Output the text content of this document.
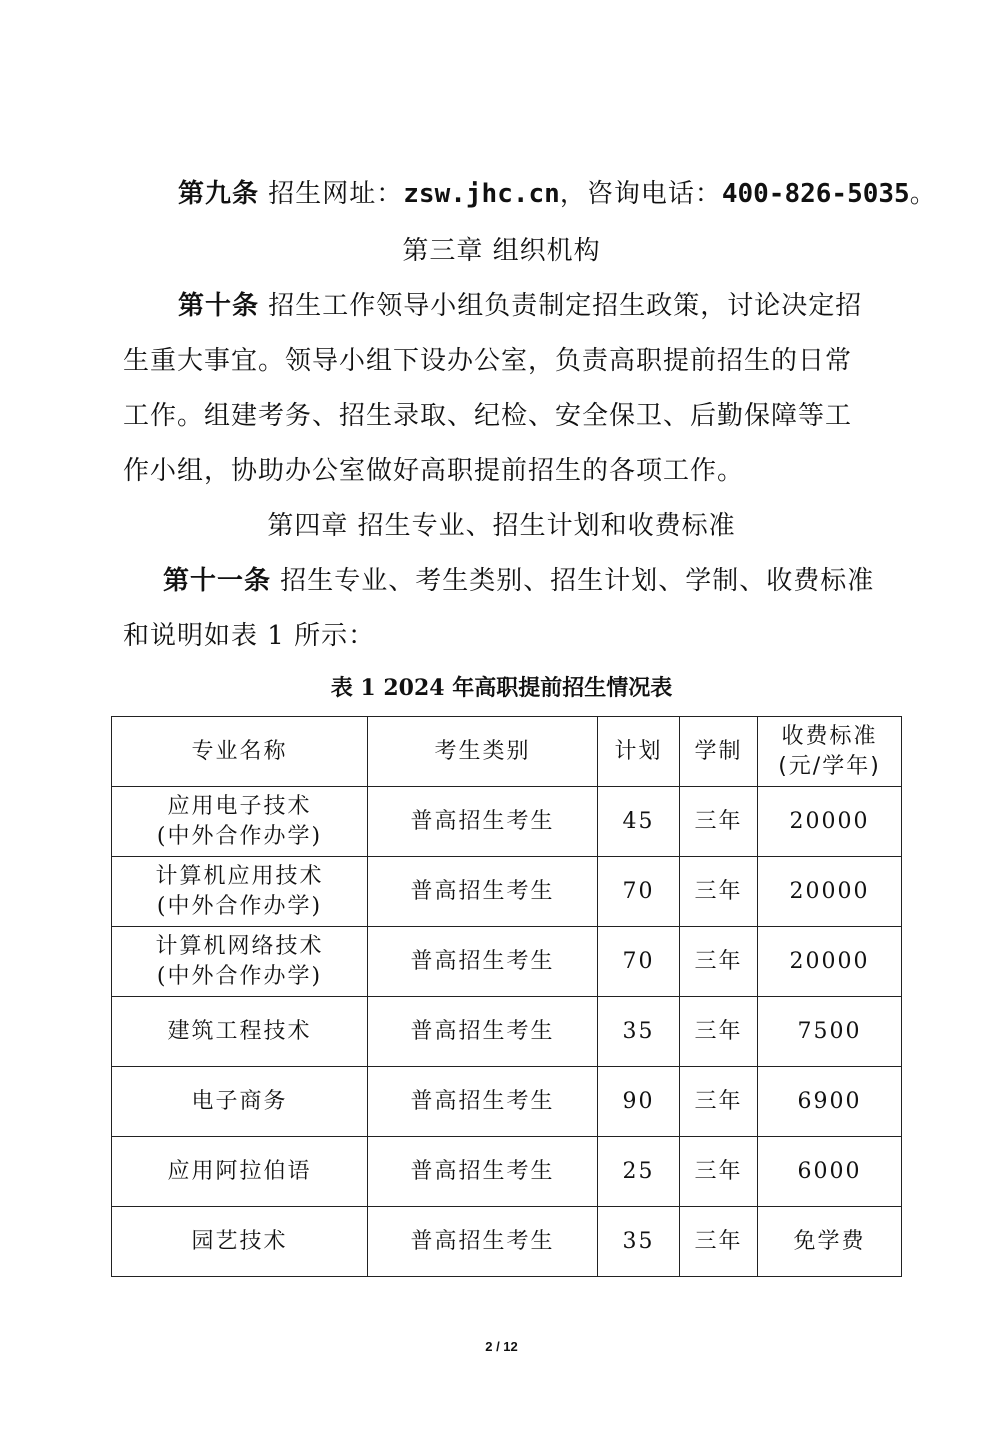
第九条 招生网址：zsw.jhc.cn，咨询电话：400-826-5035。
第三章 组织机构
第十条 招生工作领导小组负责制定招生政策，讨论决定招
生重大事宜。领导小组下设办公室，负责高职提前招生的日常
工作。组建考务、招生录取、纪检、安全保卫、后勤保障等工
作小组，协助办公室做好高职提前招生的各项工作。
第四章 招生专业、招生计划和收费标准
第十一条 招生专业、考生类别、招生计划、学制、收费标准
和说明如表 1 所示：
表 1 2024 年高职提前招生情况表
专业名称	考生类别	计划	学制	收费标准
(元/学年)

应用电子技术
(中外合作办学)	普高招生考生	45	三年	20000

计算机应用技术
(中外合作办学)	普高招生考生	70	三年	20000

计算机网络技术
(中外合作办学)	普高招生考生	70	三年	20000
建筑工程技术	普高招生考生	35	三年	7500
电子商务	普高招生考生	90	三年	6900
应用阿拉伯语	普高招生考生	25	三年	6000
园艺技术	普高招生考生	35	三年	免学费
2 / 12
